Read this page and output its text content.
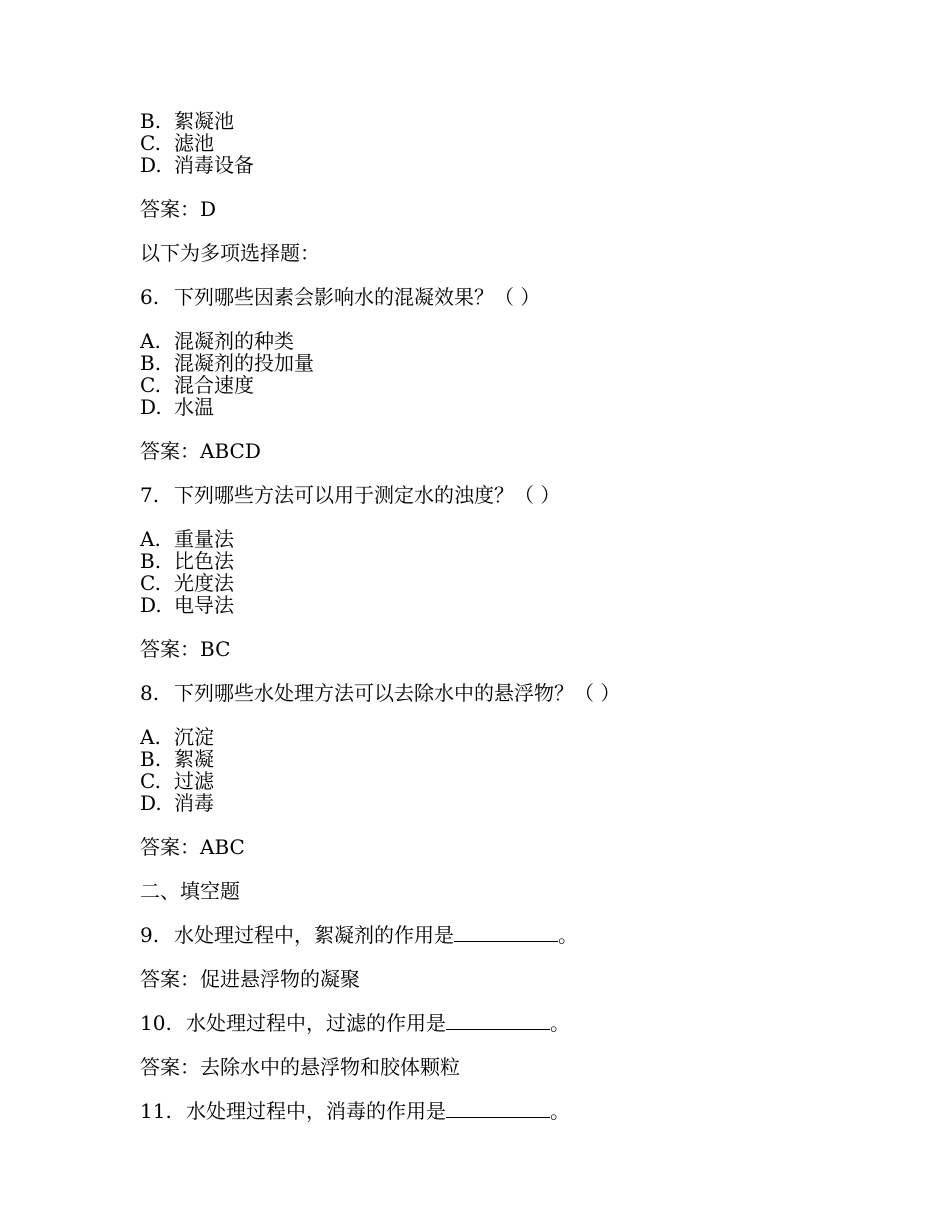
B. 絮凝池
C. 滤池
D. 消毒设备
答案：D
以下为多项选择题：
6. 下列哪些因素会影响水的混凝效果？（ ）
A. 混凝剂的种类
B. 混凝剂的投加量
C. 混合速度
D. 水温
答案：ABCD
7. 下列哪些方法可以用于测定水的浊度？（ ）
A. 重量法
B. 比色法
C. 光度法
D. 电导法
答案：BC
8. 下列哪些水处理方法可以去除水中的悬浮物？（ ）
A. 沉淀
B. 絮凝
C. 过滤
D. 消毒
答案：ABC
二、填空题
9. 水处理过程中，絮凝剂的作用是	。
答案：促进悬浮物的凝聚
10. 水处理过程中，过滤的作用是	。
答案：去除水中的悬浮物和胶体颗粒
11. 水处理过程中，消毒的作用是	。
